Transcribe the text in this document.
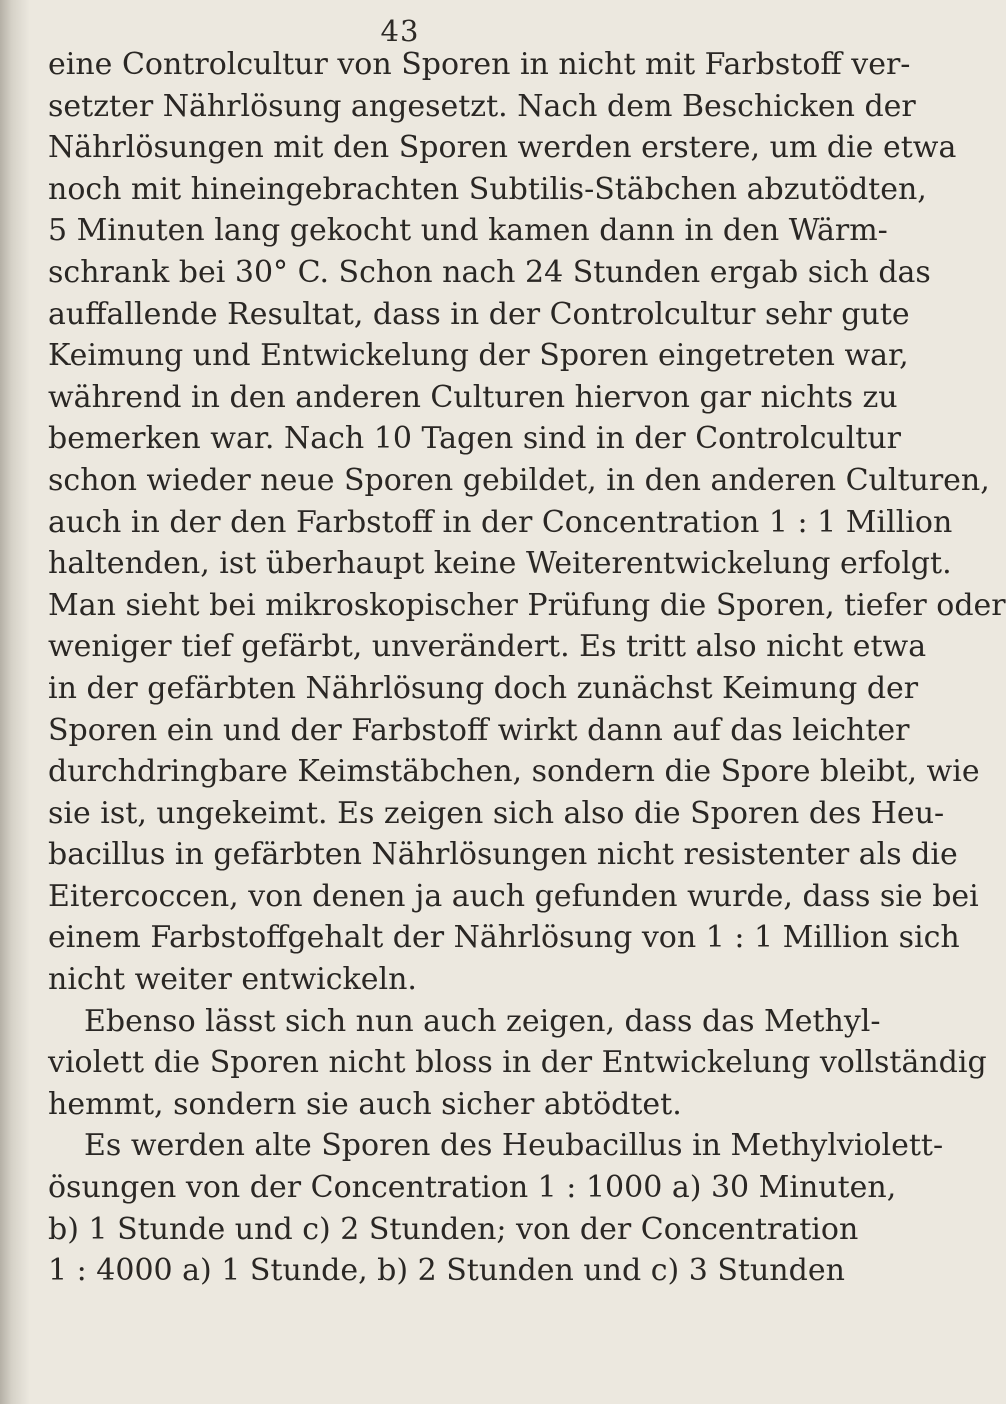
43

eine Controlcultur von Sporen in nicht mit Farbstoff ver-
setzter Nährlösung angesetzt. Nach dem Beschicken der
Nährlösungen mit den Sporen werden erstere, um die etwa
noch mit hineingebrachten Subtilis-Stäbchen abzutödten,
5 Minuten lang gekocht und kamen dann in den Wärm-
schrank bei 30° C. Schon nach 24 Stunden ergab sich das
auffallende Resultat, dass in der Controlcultur sehr gute
Keimung und Entwickelung der Sporen eingetreten war,
während in den anderen Culturen hiervon gar nichts zu
bemerken war. Nach 10 Tagen sind in der Controlcultur
schon wieder neue Sporen gebildet, in den anderen Culturen,
auch in der den Farbstoff in der Concentration 1 : 1 Million
haltenden, ist überhaupt keine Weiterentwickelung erfolgt.
Man sieht bei mikroskopischer Prüfung die Sporen, tiefer oder
weniger tief gefärbt, unverändert. Es tritt also nicht etwa
in der gefärbten Nährlösung doch zunächst Keimung der
Sporen ein und der Farbstoff wirkt dann auf das leichter
durchdringbare Keimstäbchen, sondern die Spore bleibt, wie
sie ist, ungekeimt. Es zeigen sich also die Sporen des Heu-
bacillus in gefärbten Nährlösungen nicht resistenter als die
Eitercoccen, von denen ja auch gefunden wurde, dass sie bei
einem Farbstoffgehalt der Nährlösung von 1 : 1 Million sich
nicht weiter entwickeln.

Ebenso lässt sich nun auch zeigen, dass das Methyl-
violett die Sporen nicht bloss in der Entwickelung vollständig
hemmt, sondern sie auch sicher abtödtet.

Es werden alte Sporen des Heubacillus in Methylviolett-
ösungen von der Concentration 1 : 1000 a) 30 Minuten,
b) 1 Stunde und c) 2 Stunden; von der Concentration
1 : 4000 a) 1 Stunde, b) 2 Stunden und c) 3 Stunden
